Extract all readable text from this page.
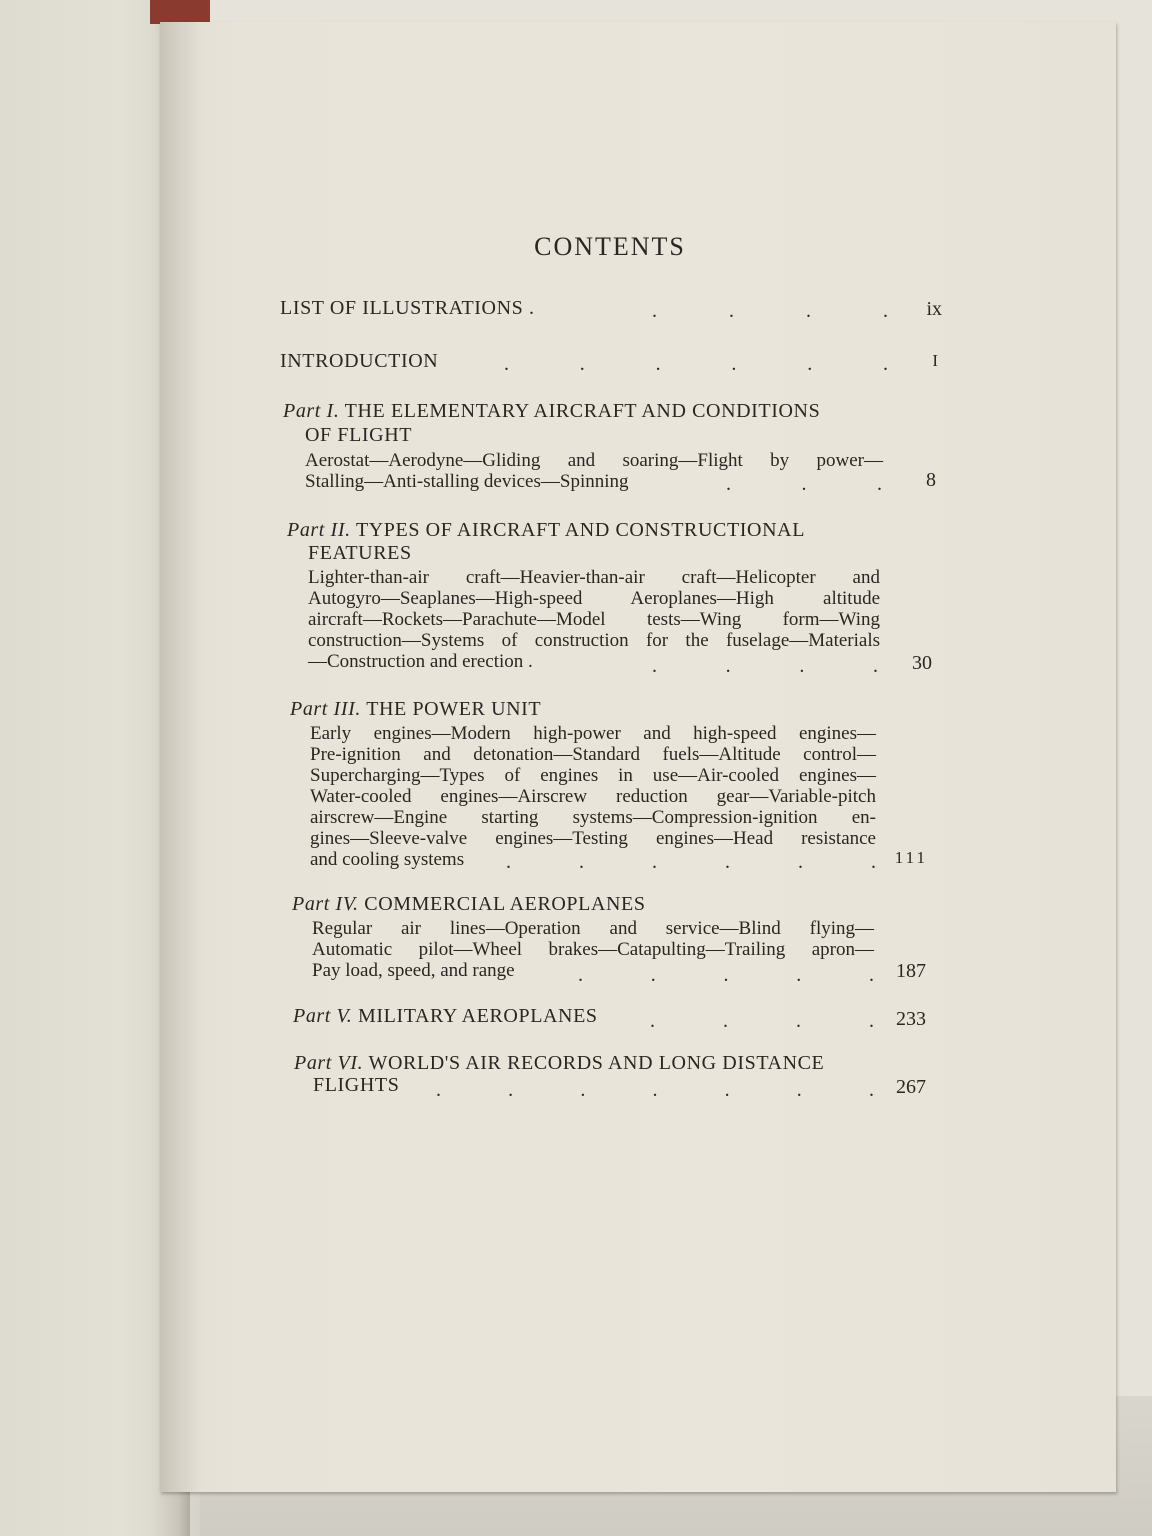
CONTENTS
LIST OF ILLUSTRATIONS .	.	.	.	.	ix
INTRODUCTION	.	.	.	.	.	.	I
Part I. THE ELEMENTARY AIRCRAFT AND CONDITIONS
OF FLIGHT
Aerostat—Aerodyne—Gliding and soaring—Flight by power—
Stalling—Anti-stalling devices—Spinning	.	.	.	8
Part II. TYPES OF AIRCRAFT AND CONSTRUCTIONAL
FEATURES
Lighter-than-air craft—Heavier-than-air craft—Helicopter and
Autogyro—Seaplanes—High-speed Aeroplanes—High altitude
aircraft—Rockets—Parachute—Model tests—Wing form—Wing
construction—Systems of construction for the fuselage—Materials
—Construction and erection .	.	.	.	.	30
Part III. THE POWER UNIT
Early engines—Modern high-power and high-speed engines—
Pre-ignition and detonation—Standard fuels—Altitude control—
Supercharging—Types of engines in use—Air-cooled engines—
Water-cooled engines—Airscrew reduction gear—Variable-pitch
airscrew—Engine starting systems—Compression-ignition en-
gines—Sleeve-valve engines—Testing engines—Head resistance
and cooling systems	.	.	.	.	.	.	111
Part IV. COMMERCIAL AEROPLANES
Regular air lines—Operation and service—Blind flying—
Automatic pilot—Wheel brakes—Catapulting—Trailing apron—
Pay load, speed, and range	.	.	.	.	.	187
Part V. MILITARY AEROPLANES	.	.	.	.	233
Part VI. WORLD'S AIR RECORDS AND LONG DISTANCE
FLIGHTS .	.	.	.	.	.	.	267
